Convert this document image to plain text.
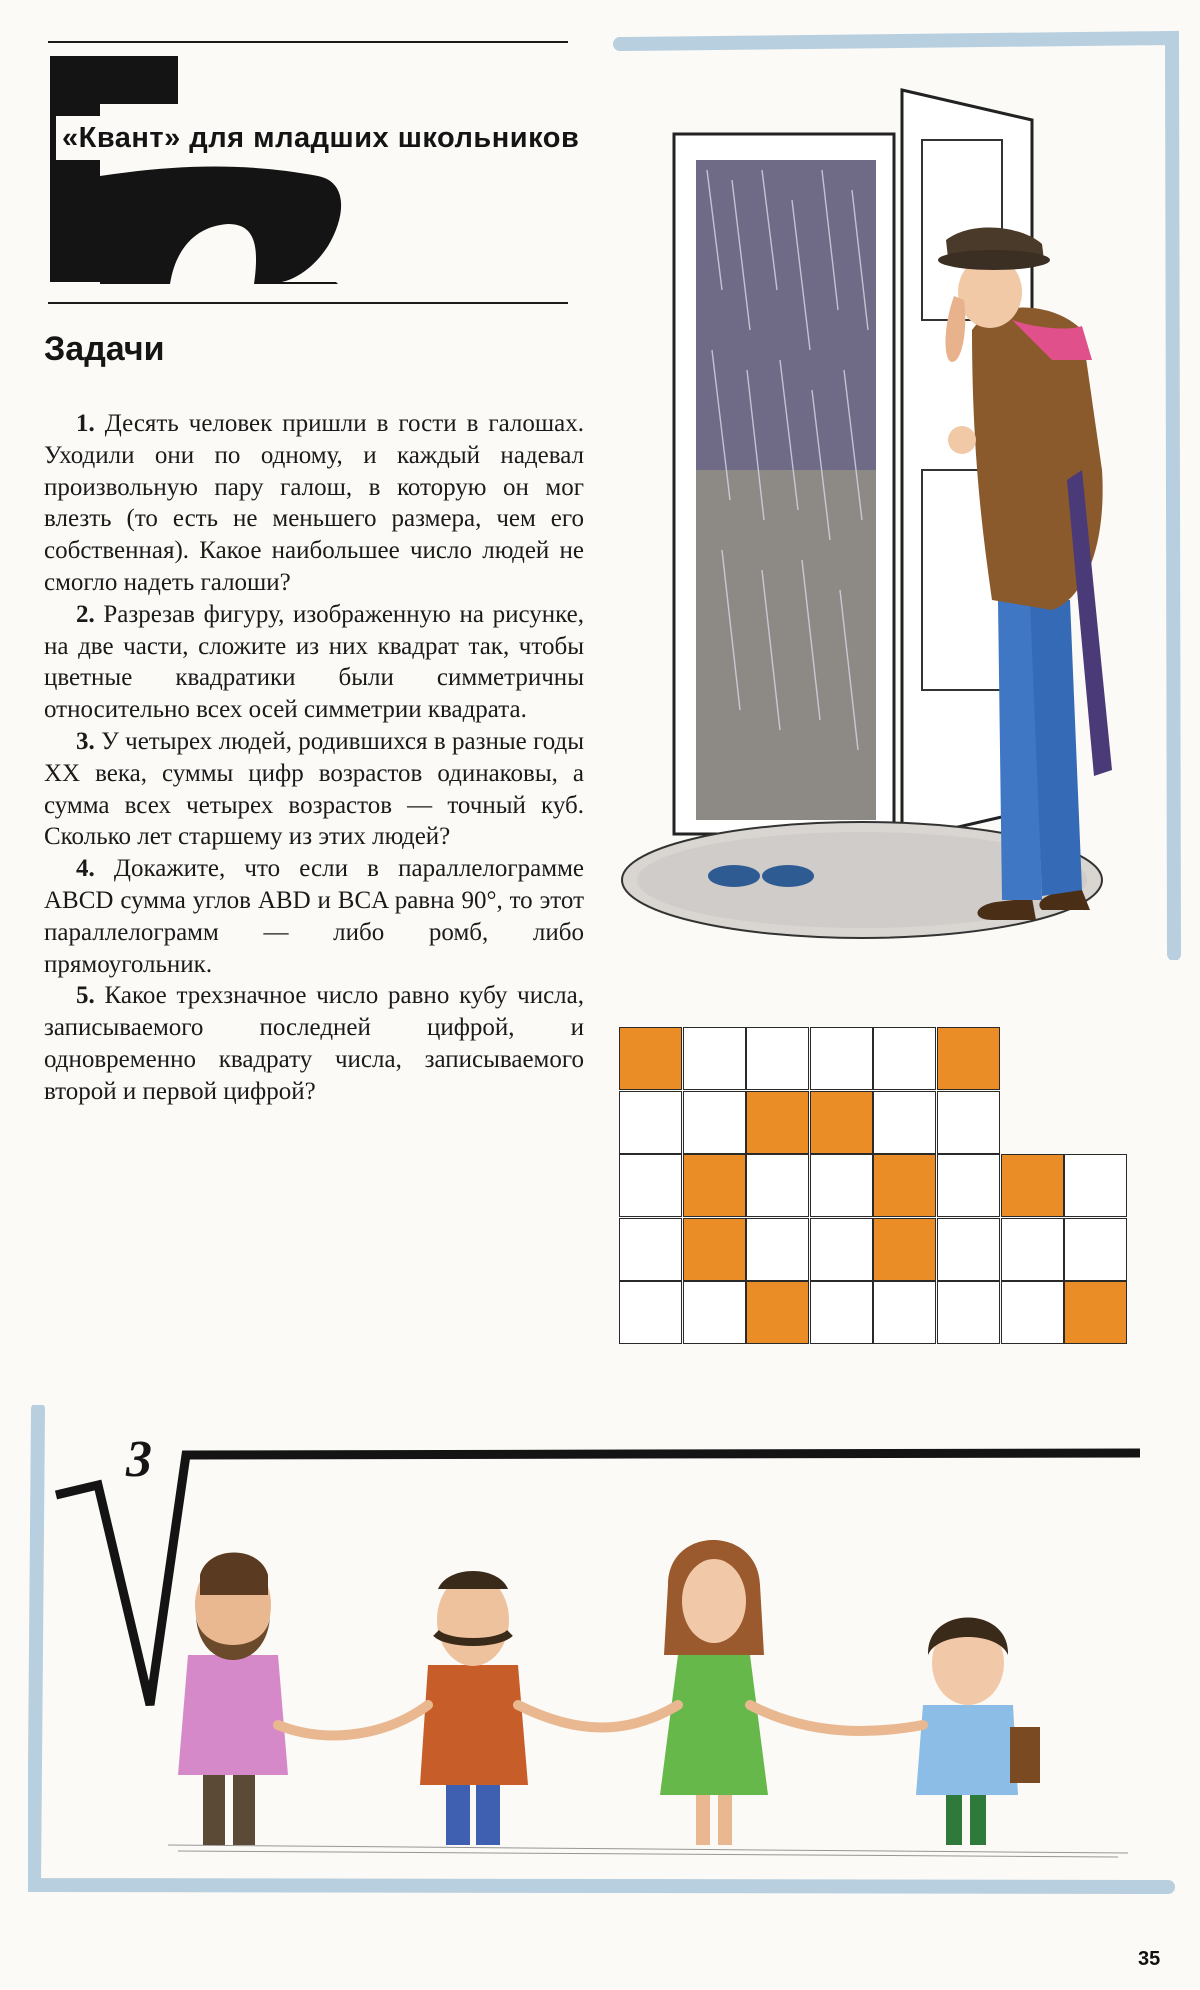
«Квант» для младших школьников
Задачи

1. Десять человек пришли в гости в галошах. Уходили они по одному, и каждый надевал произвольную пару галош, в которую он мог влезть (то есть не меньшего размера, чем его собственная). Какое наибольшее число людей не смогло надеть галоши?

2. Разрезав фигуру, изображенную на рисунке, на две части, сложите из них квадрат так, чтобы цветные квадратики были симметричны относительно всех осей симметрии квадрата.

3. У четырех людей, родившихся в разные годы XX века, суммы цифр возрастов одинаковы, а сумма всех четырех возрастов — точный куб. Сколько лет старшему из этих людей?

4. Докажите, что если в параллелограмме ABCD сумма углов ABD и BCA равна 90°, то этот параллелограмм — либо ромб, либо прямоугольник.

5. Какое трехзначное число равно кубу числа, записываемого последней цифрой, и одновременно квадрату числа, записываемого второй и первой цифрой?

3
35
